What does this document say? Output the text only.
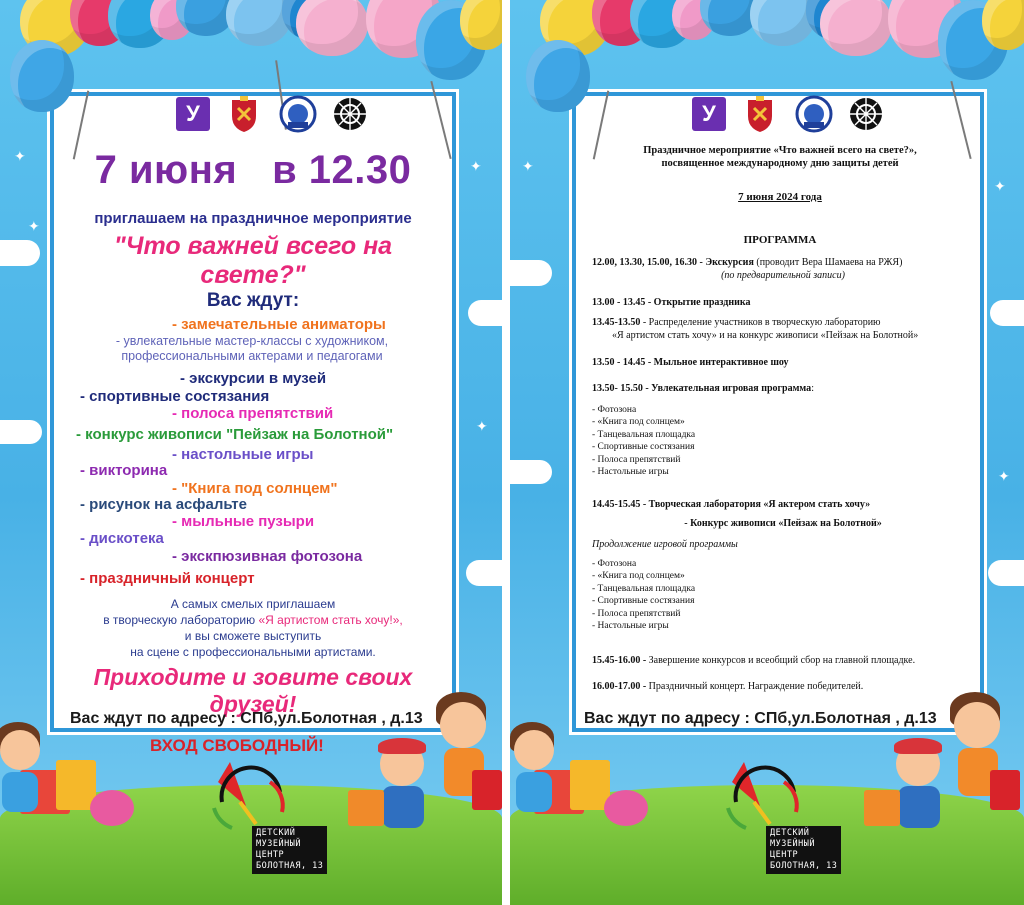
✦
✦
✦
✦
У
7 июня в 12.30
приглашаем на праздничное мероприятие
"Что важней всего на свете?"
Вас ждут:
- замечательные аниматоры
- увлекательные мастер-классы с художником, профессиональными актерами и педагогами
- экскурсии в музей
- спортивные состязания
- полоса препятствий
- конкурс живописи "Пейзаж на Болотной"
- настольные игры
- викторина
- "Книга под солнцем"
- рисунок на асфальте
- мыльные пузыри
- дискотека
- экскпюзивная фотозона
- праздничный концерт
А самых смелых приглашаем
в творческую лабораторию «Я артистом стать хочу!»,
и вы сможете выступить
на сцене с профессиональными артистами.
Приходите и зовите своих друзей!
Вас ждут по адресу : СПб,ул.Болотная , д.13
ВХОД СВОБОДНЫЙ!
ДЕТСКИЙ
МУЗЕЙНЫЙ
ЦЕНТР
БОЛОТНАЯ, 13
✦
✦
✦
У
Праздничное мероприятие «Что важней всего на свете?»,
посвященное международному дню защиты детей
7 июня 2024 года
ПРОГРАММА
12.00, 13.30, 15.00, 16.30 - Экскурсия (проводит Вера Шамаева на РЖЯ)
(по предварительной записи)
13.00 - 13.45 - Открытие праздника
13.45-13.50 - Распределение участников в творческую лабораторию
«Я артистом стать хочу» и на конкурс живописи «Пейзаж на Болотной»
13.50 - 14.45 - Мыльное интерактивное шоу
13.50- 15.50 - Увлекательная игровая программа:
- Фотозона
- «Книга под солнцем»
- Танцевальная площадка
- Спортивные состязания
- Полоса препятствий
- Настольные игры
14.45-15.45 - Творческая лаборатория «Я актером стать хочу»
- Конкурс живописи «Пейзаж на Болотной»
Продолжение игровой программы
- Фотозона
- «Книга под солнцем»
- Танцевальная площадка
- Спортивные состязания
- Полоса препятствий
- Настольные игры
15.45-16.00 - Завершение конкурсов и всеобщий сбор на главной площадке.
16.00-17.00 - Праздничный концерт. Награждение победителей.
Вас ждут по адресу : СПб,ул.Болотная , д.13
ДЕТСКИЙ
МУЗЕЙНЫЙ
ЦЕНТР
БОЛОТНАЯ, 13
